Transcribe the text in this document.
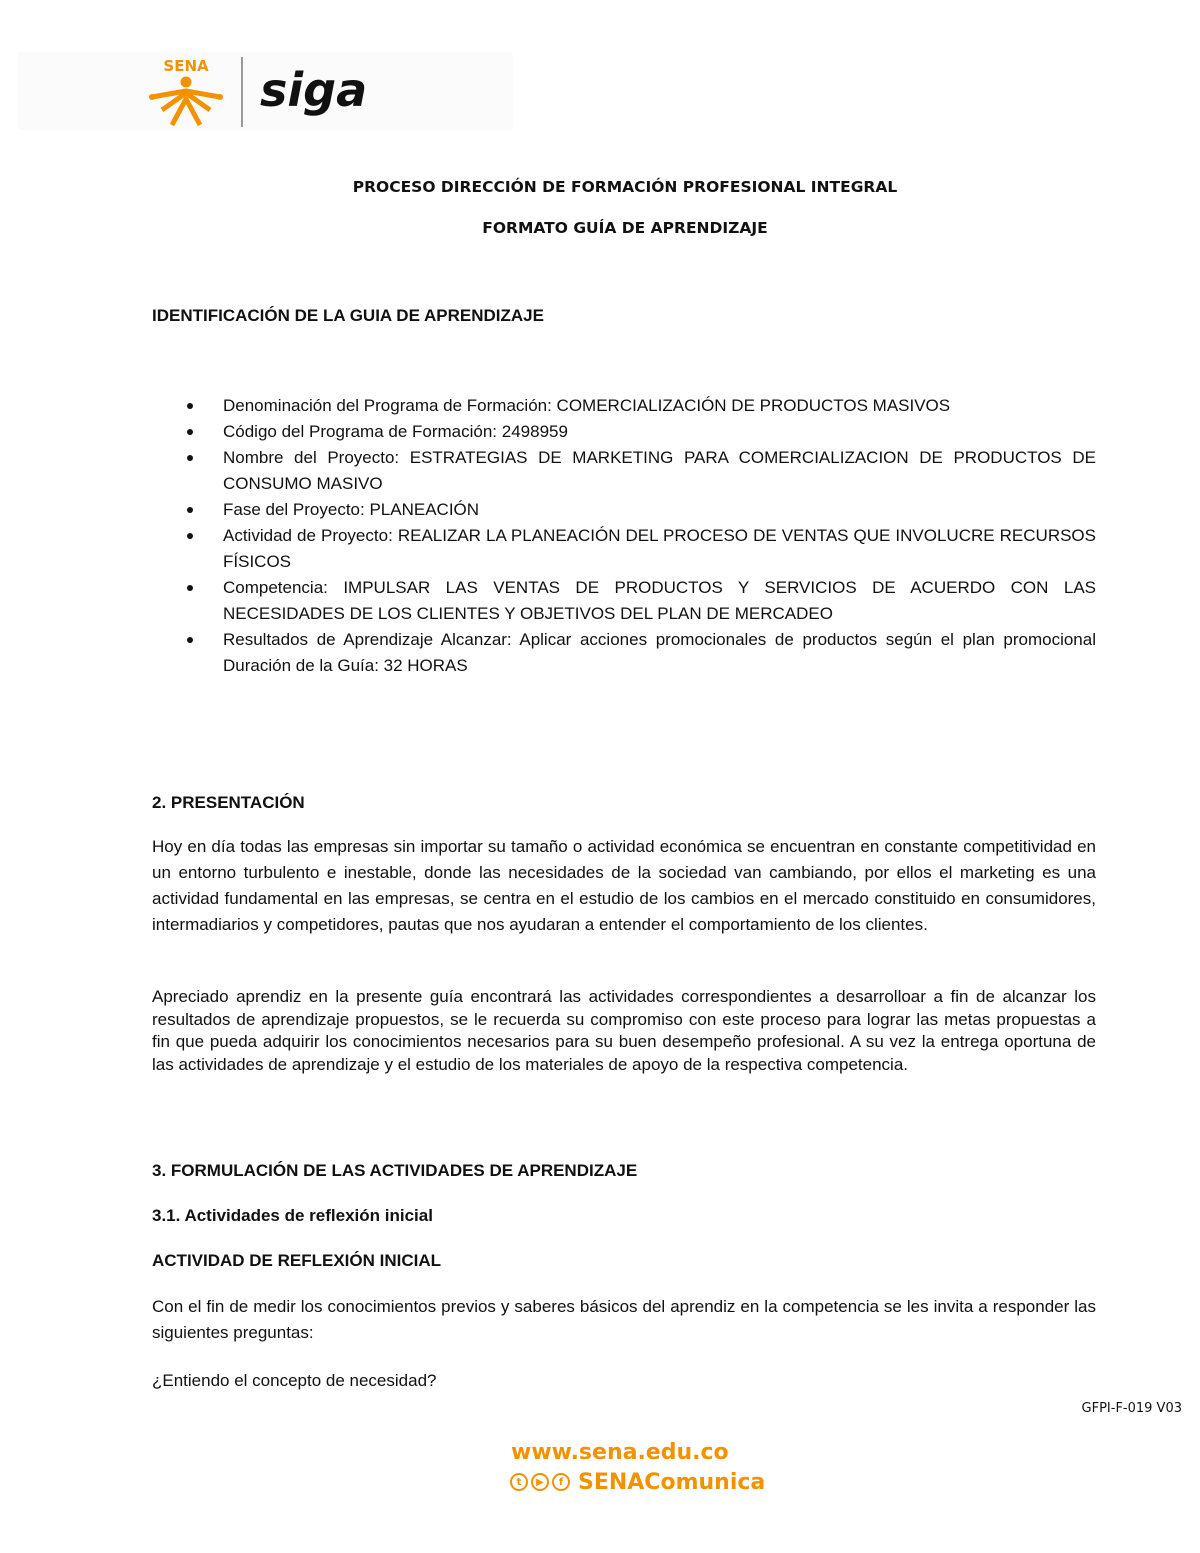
SENA siga
PROCESO DIRECCIÓN DE FORMACIÓN PROFESIONAL INTEGRAL
FORMATO GUÍA DE APRENDIZAJE
IDENTIFICACIÓN DE LA GUIA DE APRENDIZAJE
Denominación del Programa de Formación: COMERCIALIZACIÓN DE PRODUCTOS MASIVOS
Código del Programa de Formación: 2498959
Nombre del Proyecto: ESTRATEGIAS DE MARKETING PARA COMERCIALIZACION DE PRODUCTOS DE CONSUMO MASIVO
Fase del Proyecto: PLANEACIÓN
Actividad de Proyecto: REALIZAR LA PLANEACIÓN DEL PROCESO DE VENTAS QUE INVOLUCRE RECURSOS FÍSICOS
Competencia: IMPULSAR LAS VENTAS DE PRODUCTOS Y SERVICIOS DE ACUERDO CON LAS NECESIDADES DE LOS CLIENTES Y OBJETIVOS DEL PLAN DE MERCADEO
Resultados de Aprendizaje Alcanzar: Aplicar acciones promocionales de productos según el plan promocional Duración de la Guía: 32 HORAS
2. PRESENTACIÓN
Hoy en día todas las empresas sin importar su tamaño o actividad económica se encuentran en constante competitividad en un entorno turbulento e inestable, donde las necesidades de la sociedad van cambiando, por ellos el marketing es una actividad fundamental en las empresas, se centra en el estudio de los cambios en el mercado constituido en consumidores, intermadiarios y competidores, pautas que nos ayudaran a entender el comportamiento de los clientes.
Apreciado aprendiz en la presente guía encontrará las actividades correspondientes a desarrolloar a fin de alcanzar los resultados de aprendizaje propuestos, se le recuerda su compromiso con este proceso para lograr las metas propuestas a fin que pueda adquirir los conocimientos necesarios para su buen desempeño profesional. A su vez la entrega oportuna de las actividades de aprendizaje y el estudio de los materiales de apoyo de la respectiva competencia.
3. FORMULACIÓN DE LAS ACTIVIDADES DE APRENDIZAJE
3.1. Actividades de reflexión inicial
ACTIVIDAD DE REFLEXIÓN INICIAL
Con el fin de medir los conocimientos previos y saberes básicos del aprendiz en la competencia se les invita a responder las siguientes preguntas:
¿Entiendo el concepto de necesidad?
GFPI-F-019 V03
www.sena.edu.co
t	▶	f SENAComunica
